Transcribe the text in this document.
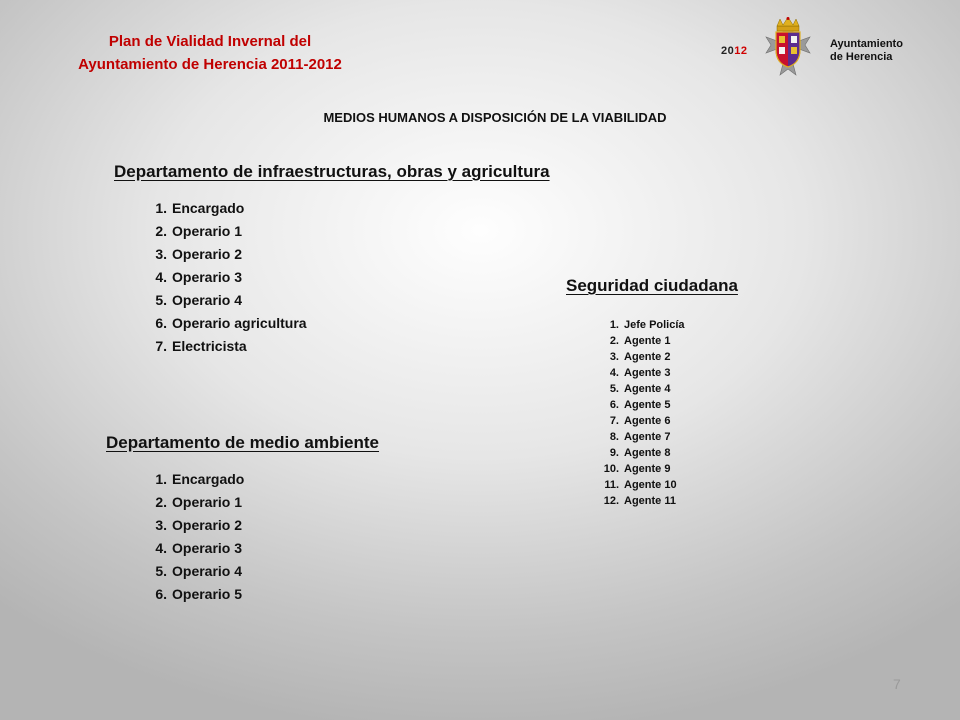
Plan de Vialidad Invernal del
Ayuntamiento de Herencia 2011-2012
2012
Ayuntamiento
de Herencia
MEDIOS HUMANOS A DISPOSICIÓN DE LA VIABILIDAD
Departamento de infraestructuras, obras y agricultura
1. Encargado
2. Operario 1
3. Operario 2
4. Operario 3
5. Operario 4
6. Operario agricultura
7. Electricista
Seguridad ciudadana
1. Jefe Policía
2. Agente 1
3. Agente 2
4. Agente 3
5. Agente 4
6. Agente 5
7. Agente 6
8. Agente 7
9. Agente 8
10. Agente 9
11. Agente 10
12. Agente 11
Departamento de medio ambiente
1. Encargado
2. Operario 1
3. Operario 2
4. Operario 3
5. Operario 4
6. Operario 5
7
